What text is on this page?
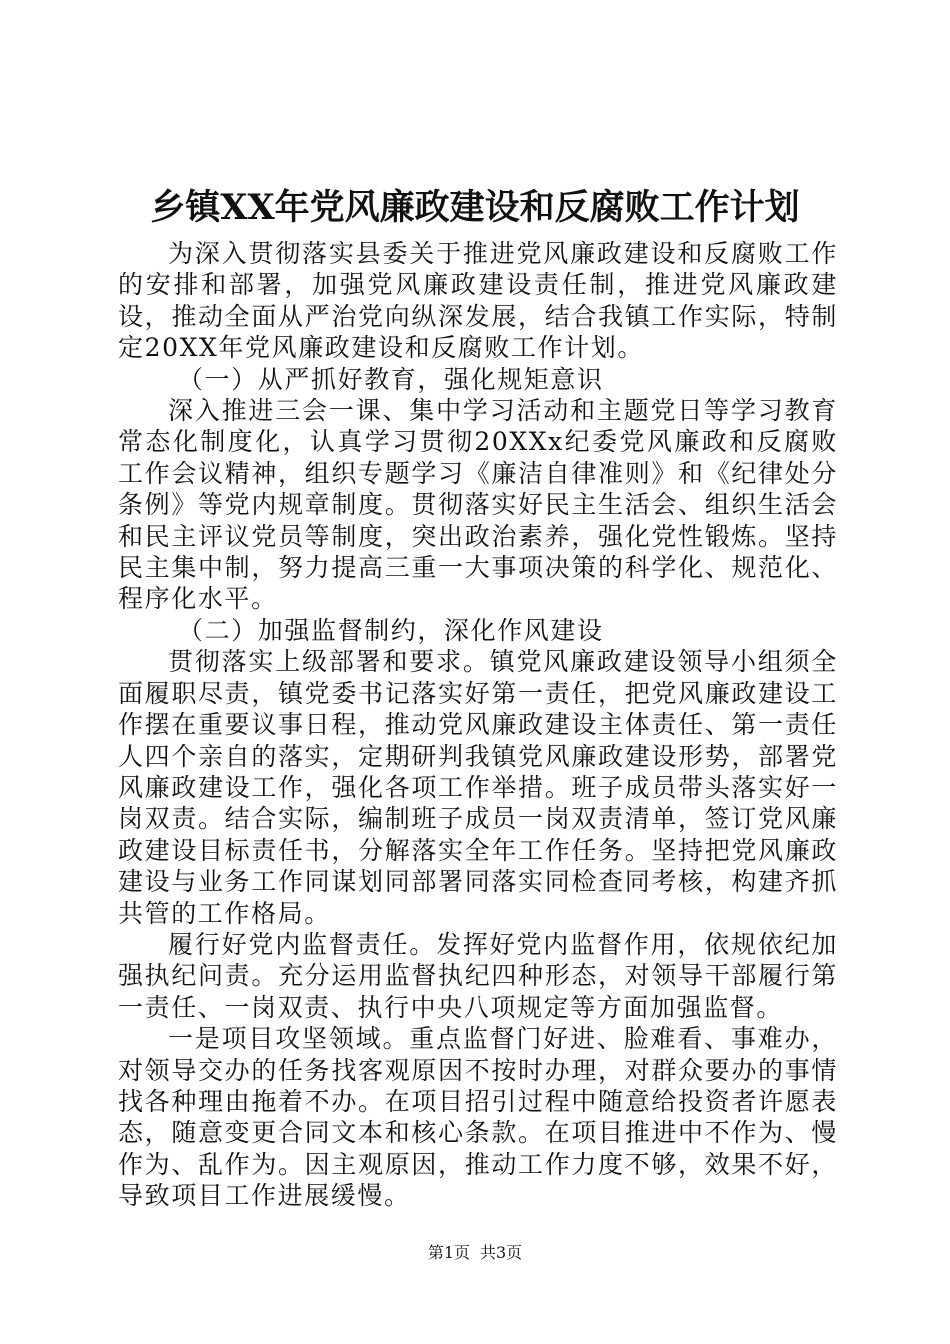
乡镇XX年党风廉政建设和反腐败工作计划

为深入贯彻落实县委关于推进党风廉政建设和反腐败工作的安排和部署，加强党风廉政建设责任制，推进党风廉政建设，推动全面从严治党向纵深发展，结合我镇工作实际，特制定20XX年党风廉政建设和反腐败工作计划。

（一）从严抓好教育，强化规矩意识

深入推进三会一课、集中学习活动和主题党日等学习教育常态化制度化，认真学习贯彻20XXx纪委党风廉政和反腐败工作会议精神，组织专题学习《廉洁自律准则》和《纪律处分条例》等党内规章制度。贯彻落实好民主生活会、组织生活会和民主评议党员等制度，突出政治素养，强化党性锻炼。坚持民主集中制，努力提高三重一大事项决策的科学化、规范化、程序化水平。

（二）加强监督制约，深化作风建设

贯彻落实上级部署和要求。镇党风廉政建设领导小组须全面履职尽责，镇党委书记落实好第一责任，把党风廉政建设工作摆在重要议事日程，推动党风廉政建设主体责任、第一责任人四个亲自的落实，定期研判我镇党风廉政建设形势，部署党风廉政建设工作，强化各项工作举措。班子成员带头落实好一岗双责。结合实际，编制班子成员一岗双责清单，签订党风廉政建设目标责任书，分解落实全年工作任务。坚持把党风廉政建设与业务工作同谋划同部署同落实同检查同考核，构建齐抓共管的工作格局。

履行好党内监督责任。发挥好党内监督作用，依规依纪加强执纪问责。充分运用监督执纪四种形态，对领导干部履行第一责任、一岗双责、执行中央八项规定等方面加强监督。

一是项目攻坚领域。重点监督门好进、脸难看、事难办，对领导交办的任务找客观原因不按时办理，对群众要办的事情找各种理由拖着不办。在项目招引过程中随意给投资者许愿表态，随意变更合同文本和核心条款。在项目推进中不作为、慢作为、乱作为。因主观原因，推动工作力度不够，效果不好，导致项目工作进展缓慢。

第1页 共3页
